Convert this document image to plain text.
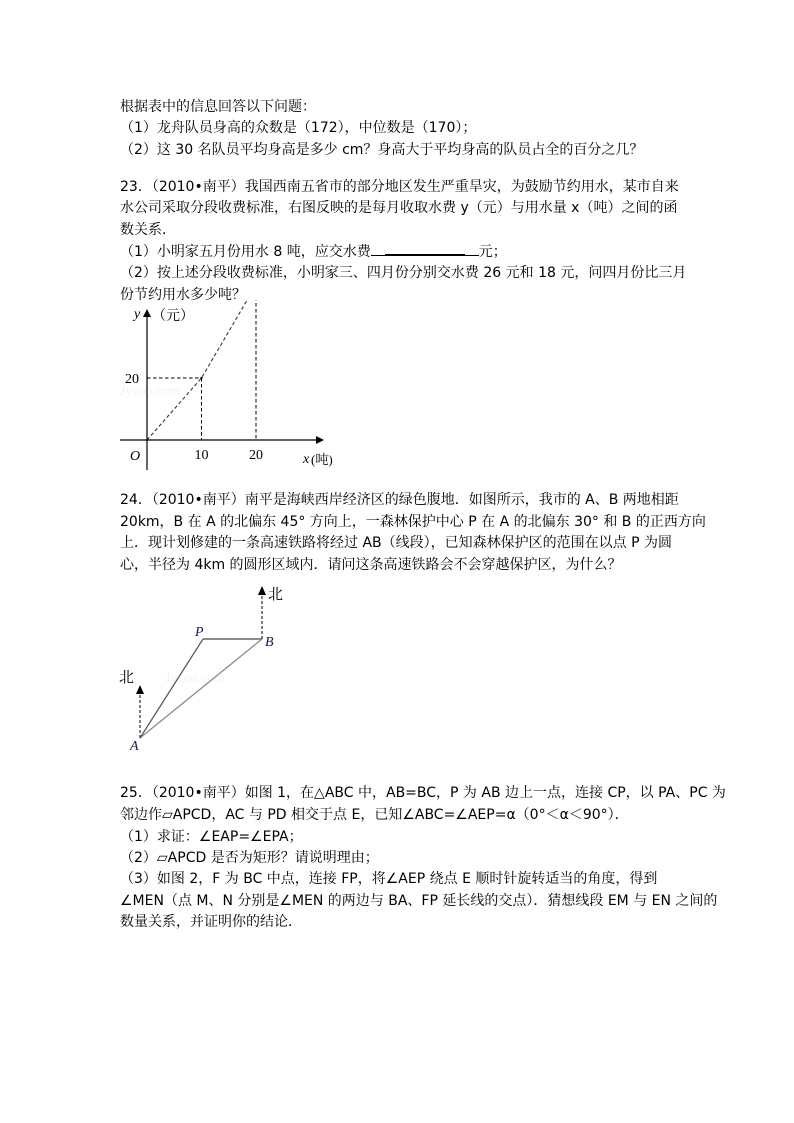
根据表中的信息回答以下问题：
（1）龙舟队员身高的众数是（172），中位数是（170）；
（2）这 30 名队员平均身高是多少 cm？身高大于平均身高的队员占全的百分之几？
23．（2010•南平）我国西南五省市的部分地区发生严重旱灾，为鼓励节约用水，某市自来
水公司采取分段收费标准，右图反映的是每月收取水费 y（元）与用水量 x（吨）之间的函
数关系．
（1）小明家五月份用水 8 吨，应交水费	元；
（2）按上述分段收费标准，小明家三、四月份分别交水费 26 元和 18 元，问四月份比三月
份节约用水多少吨？
Jyeoo.com
y （元）
O	x (吨)
10	20
20
24．（2010•南平）南平是海峡西岸经济区的绿色腹地．如图所示，我市的 A、B 两地相距
20km，B 在 A 的北偏东 45° 方向上，一森林保护中心 P 在 A 的北偏东 30° 和 B 的正西方向
上．现计划修建的一条高速铁路将经过 AB（线段），已知森林保护区的范围在以点 P 为圆
心，半径为 4km 的圆形区域内．请问这条高速铁路会不会穿越保护区，为什么？
Jyeoo.com
北
北
A
B
P
25．（2010•南平）如图 1，在△ABC 中，AB=BC，P 为 AB 边上一点，连接 CP，以 PA、PC 为
邻边作▱APCD，AC 与 PD 相交于点 E，已知∠ABC=∠AEP=α（0°＜α＜90°）．
（1）求证：∠EAP=∠EPA；
（2）▱APCD 是否为矩形？请说明理由；
（3）如图 2，F 为 BC 中点，连接 FP，将∠AEP 绕点 E 顺时针旋转适当的角度，得到
∠MEN（点 M、N 分别是∠MEN 的两边与 BA、FP 延长线的交点）．猜想线段 EM 与 EN 之间的
数量关系，并证明你的结论．
